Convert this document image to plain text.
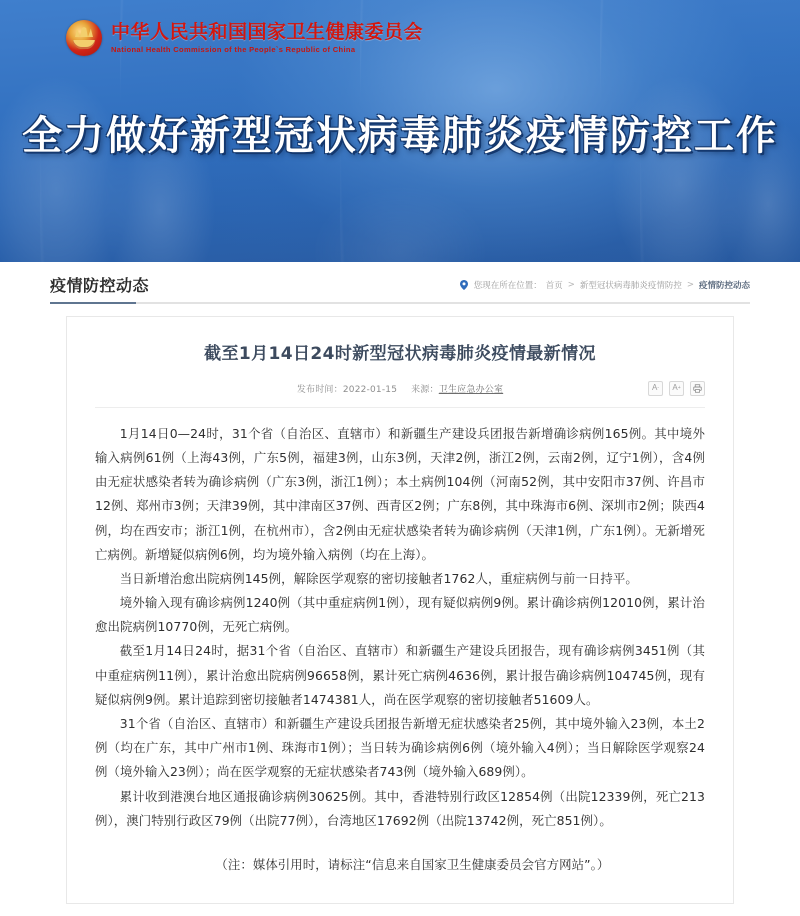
中华人民共和国国家卫生健康委员会
National Health Commission of the People`s Republic of China
全力做好新型冠状病毒肺炎疫情防控工作
疫情防控动态	您现在所在位置： 首页 > 新型冠状病毒肺炎疫情防控 > 疫情防控动态
截至1月14日24时新型冠状病毒肺炎疫情最新情况
发布时间：2022-01-15 来源：卫生应急办公室	A - A +

1月14日0—24时，31个省（自治区、直辖市）和新疆生产建设兵团报告新增确诊病例165例。其中境外输入病例61例（上海43例，广东5例，福建3例，山东3例，天津2例，浙江2例，云南2例，辽宁1例），含4例由无症状感染者转为确诊病例（广东3例，浙江1例）；本土病例104例（河南52例，其中安阳市37例、许昌市12例、郑州市3例；天津39例，其中津南区37例、西青区2例；广东8例，其中珠海市6例、深圳市2例；陕西4例，均在西安市；浙江1例，在杭州市），含2例由无症状感染者转为确诊病例（天津1例，广东1例）。无新增死亡病例。新增疑似病例6例，均为境外输入病例（均在上海）。

当日新增治愈出院病例145例，解除医学观察的密切接触者1762人，重症病例与前一日持平。

境外输入现有确诊病例1240例（其中重症病例1例），现有疑似病例9例。累计确诊病例12010例，累计治愈出院病例10770例，无死亡病例。

截至1月14日24时，据31个省（自治区、直辖市）和新疆生产建设兵团报告，现有确诊病例3451例（其中重症病例11例），累计治愈出院病例96658例，累计死亡病例4636例，累计报告确诊病例104745例，现有疑似病例9例。累计追踪到密切接触者1474381人，尚在医学观察的密切接触者51609人。

31个省（自治区、直辖市）和新疆生产建设兵团报告新增无症状感染者25例，其中境外输入23例，本土2例（均在广东，其中广州市1例、珠海市1例）；当日转为确诊病例6例（境外输入4例）；当日解除医学观察24例（境外输入23例）；尚在医学观察的无症状感染者743例（境外输入689例）。

累计收到港澳台地区通报确诊病例30625例。其中，香港特别行政区12854例（出院12339例，死亡213例），澳门特别行政区79例（出院77例），台湾地区17692例（出院13742例，死亡851例）。

（注：媒体引用时，请标注“信息来自国家卫生健康委员会官方网站”。）
